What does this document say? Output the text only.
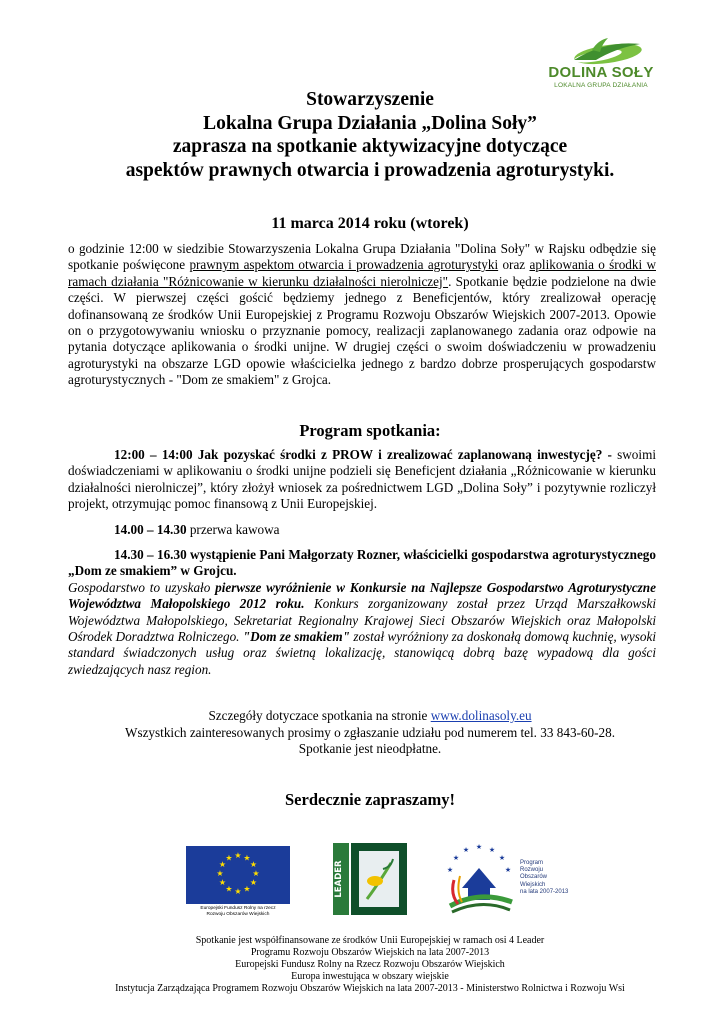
DOLINA SOŁY
LOKALNA GRUPA DZIAŁANIA
Stowarzyszenie
Lokalna Grupa Działania „Dolina Soły”
zaprasza na spotkanie aktywizacyjne dotyczące
aspektów prawnych otwarcia i prowadzenia agroturystyki.
11 marca 2014 roku (wtorek)
o godzinie 12:00 w siedzibie Stowarzyszenia Lokalna Grupa Działania "Dolina Soły" w Rajsku odbędzie się spotkanie poświęcone prawnym aspektom otwarcia i prowadzenia agroturystyki oraz aplikowania o środki w ramach działania "Różnicowanie w kierunku działalności nierolniczej". Spotkanie będzie podzielone na dwie części. W pierwszej części gościć będziemy jednego z Beneficjentów, który zrealizował operację dofinansowaną ze środków Unii Europejskiej z Programu Rozwoju Obszarów Wiejskich 2007-2013. Opowie on o przygotowywaniu wniosku o przyznanie pomocy, realizacji zaplanowanego zadania oraz odpowie na pytania dotyczące aplikowania o środki unijne. W drugiej części o swoim doświadczeniu w prowadzeniu agroturystyki na obszarze LGD opowie właścicielka jednego z bardzo dobrze prosperujących gospodarstw agroturystycznych - "Dom ze smakiem" z Grojca.
Program spotkania:
12:00 – 14:00 Jak pozyskać środki z PROW i zrealizować zaplanowaną inwestycję? - swoimi doświadczeniami w aplikowaniu o środki unijne podzieli się Beneficjent działania „Różnicowanie w kierunku działalności nierolniczej”, który złożył wniosek za pośrednictwem LGD „Dolina Soły” i pozytywnie rozliczył projekt, otrzymując pomoc finansową z Unii Europejskiej.
14.00 – 14.30 przerwa kawowa
14.30 – 16.30 wystąpienie Pani Małgorzaty Rozner, właścicielki gospodarstwa agroturystycznego „Dom ze smakiem” w Grojcu.
Gospodarstwo to uzyskało pierwsze wyróżnienie w Konkursie na Najlepsze Gospodarstwo Agroturystyczne Województwa Małopolskiego 2012 roku. Konkurs zorganizowany został przez Urząd Marszałkowski Województwa Małopolskiego, Sekretariat Regionalny Krajowej Sieci Obszarów Wiejskich oraz Małopolski Ośrodek Doradztwa Rolniczego. "Dom ze smakiem" został wyróżniony za doskonałą domową kuchnię, wysoki standard świadczonych usług oraz świetną lokalizację, stanowiącą dobrą bazę wypadową dla gości zwiedzających nasz region.
Szczegóły dotyczace spotkania na stronie www.dolinasoly.eu
Wszystkich zainteresowanych prosimy o zgłaszanie udziału pod numerem tel. 33 843-60-28.
Spotkanie jest nieodpłatne.
Serdecznie zapraszamy!
★ ★
★
★
★
★
★
★
★
★
★
★
Europejski Fundusz Rolny na rzecz
Rozwoju Obszarów Wiejskich
LEADER
★ ★
★
★
★
★
★
Program
Rozwoju
Obszarów
Wiejskich
na lata 2007-2013
Spotkanie jest współfinansowane ze środków Unii Europejskiej w ramach osi 4 Leader
Programu Rozwoju Obszarów Wiejskich na lata 2007-2013
Europejski Fundusz Rolny na Rzecz Rozwoju Obszarów Wiejskich
Europa inwestująca w obszary wiejskie
Instytucja Zarządzająca Programem Rozwoju Obszarów Wiejskich na lata 2007-2013 - Ministerstwo Rolnictwa i Rozwoju Wsi
